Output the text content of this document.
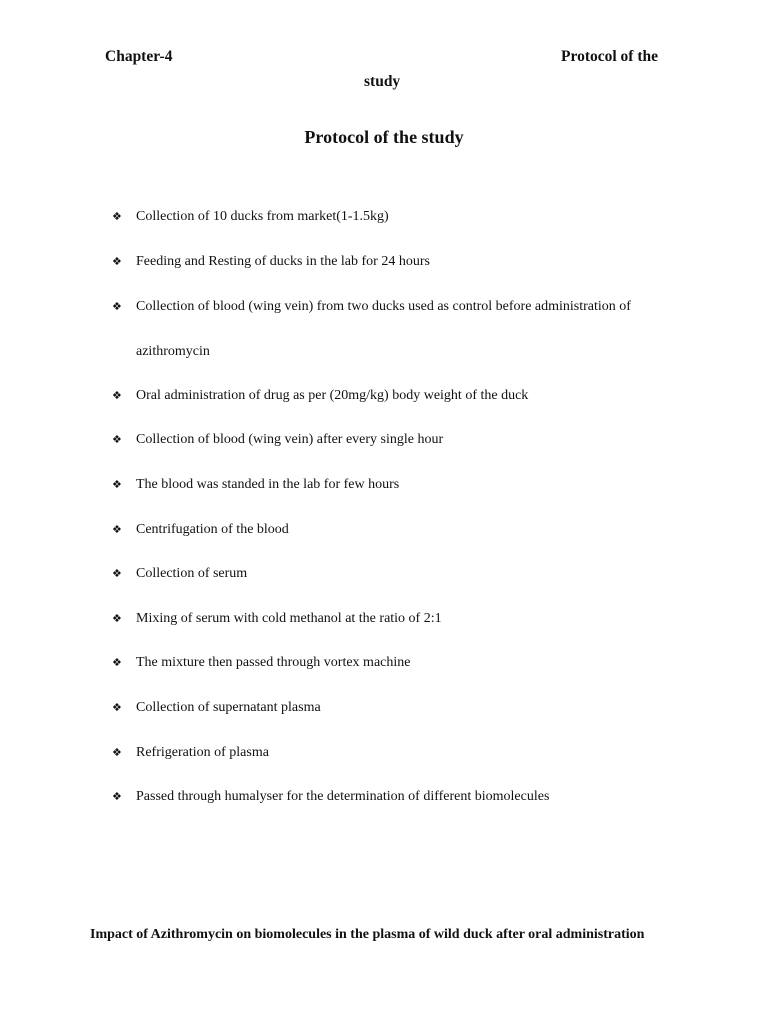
Chapter-4	Protocol of the
study
Protocol of the study
❖ Collection of 10 ducks from market(1-1.5kg)
❖ Feeding and Resting of ducks in the lab for 24 hours
❖ Collection of blood (wing vein) from two ducks used as control before administration of azithromycin
❖ Oral administration of drug as per (20mg/kg) body weight of the duck
❖ Collection of blood (wing vein) after every single hour
❖ The blood was standed in the lab for few hours
❖ Centrifugation of the blood
❖ Collection of serum
❖ Mixing of serum with cold methanol at the ratio of 2:1
❖ The mixture then passed through vortex machine
❖ Collection of supernatant plasma
❖ Refrigeration of plasma
❖ Passed through humalyser for the determination of different biomolecules
Impact of Azithromycin on biomolecules in the plasma of wild duck after oral administration
